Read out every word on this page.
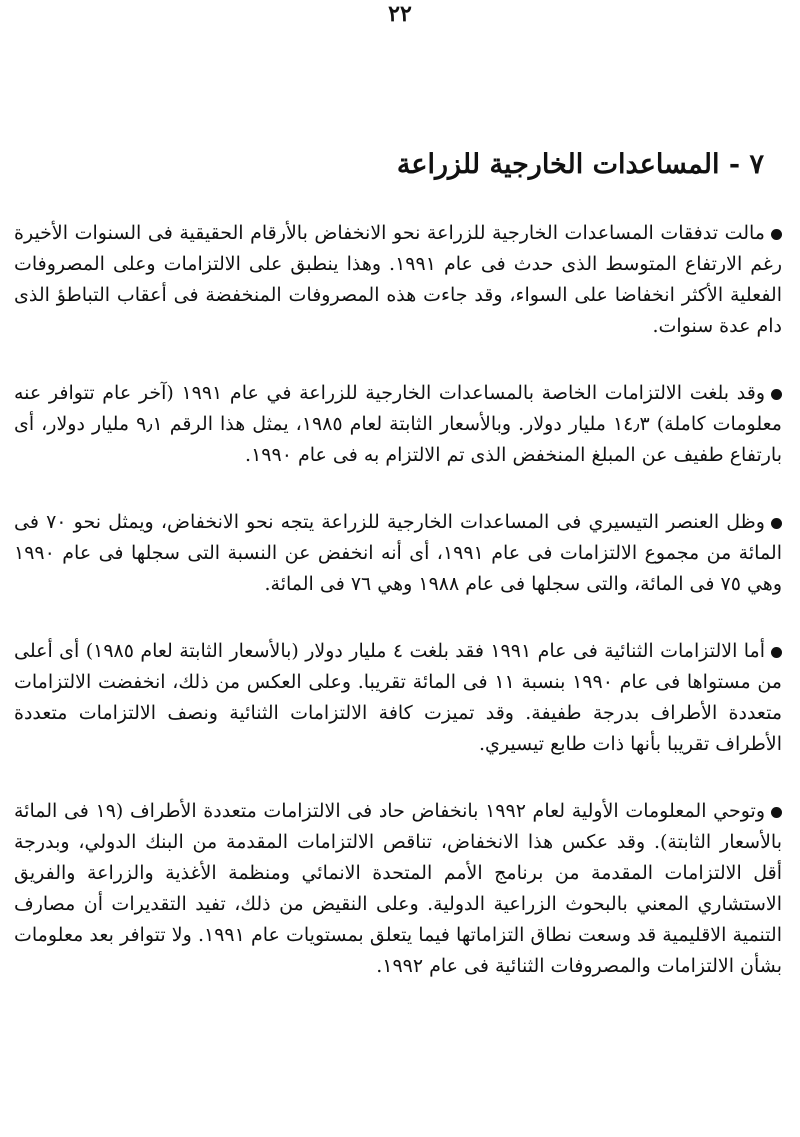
٢٢
٧ - المساعدات الخارجية للزراعة

مالت تدفقات المساعدات الخارجية للزراعة نحو الانخفاض بالأرقام الحقيقية فى السنوات الأخيرة رغم الارتفاع المتوسط الذى حدث فى عام ١٩٩١. وهذا ينطبق على الالتزامات وعلى المصروفات الفعلية الأكثر انخفاضا على السواء، وقد جاءت هذه المصروفات المنخفضة فى أعقاب التباطؤ الذى دام عدة سنوات.

وقد بلغت الالتزامات الخاصة بالمساعدات الخارجية للزراعة في عام ١٩٩١ (آخر عام تتوافر عنه معلومات كاملة) ١٤٫٣ مليار دولار. وبالأسعار الثابتة لعام ١٩٨٥، يمثل هذا الرقم ٩٫١ مليار دولار، أى بارتفاع طفيف عن المبلغ المنخفض الذى تم الالتزام به فى عام ١٩٩٠.

وظل العنصر التيسيري فى المساعدات الخارجية للزراعة يتجه نحو الانخفاض، ويمثل نحو ٧٠ فى المائة من مجموع الالتزامات فى عام ١٩٩١، أى أنه انخفض عن النسبة التى سجلها فى عام ١٩٩٠ وهي ٧٥ فى المائة، والتى سجلها فى عام ١٩٨٨ وهي ٧٦ فى المائة.

أما الالتزامات الثنائية فى عام ١٩٩١ فقد بلغت ٤ مليار دولار (بالأسعار الثابتة لعام ١٩٨٥) أى أعلى من مستواها فى عام ١٩٩٠ بنسبة ١١ فى المائة تقريبا. وعلى العكس من ذلك، انخفضت الالتزامات متعددة الأطراف بدرجة طفيفة. وقد تميزت كافة الالتزامات الثنائية ونصف الالتزامات متعددة الأطراف تقريبا بأنها ذات طابع تيسيري.

وتوحي المعلومات الأولية لعام ١٩٩٢ بانخفاض حاد فى الالتزامات متعددة الأطراف (١٩ فى المائة بالأسعار الثابتة). وقد عكس هذا الانخفاض، تناقص الالتزامات المقدمة من البنك الدولي، وبدرجة أقل الالتزامات المقدمة من برنامج الأمم المتحدة الانمائي ومنظمة الأغذية والزراعة والفريق الاستشاري المعني بالبحوث الزراعية الدولية. وعلى النقيض من ذلك، تفيد التقديرات أن مصارف التنمية الاقليمية قد وسعت نطاق التزاماتها فيما يتعلق بمستويات عام ١٩٩١. ولا تتوافر بعد معلومات بشأن الالتزامات والمصروفات الثنائية فى عام ١٩٩٢.
